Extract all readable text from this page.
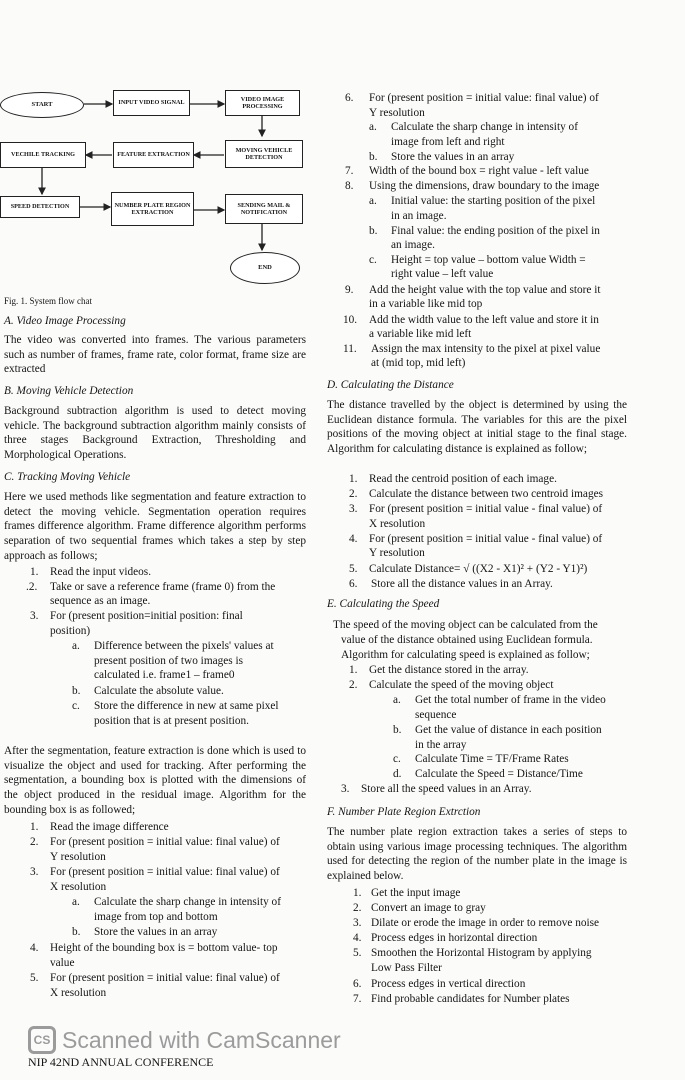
START	INPUT VIDEO SIGNAL
VIDEO IMAGE PROCESSING
VECHILE TRACKING	FEATURE EXTRACTION
MOVING VEHICLE DETECTION
SPEED DETECTION	NUMBER PLATE REGION EXTRACTION
SENDING MAIL & NOTIFICATION
END
Fig. 1. System flow chat

A. Video Image Processing

The video was converted into frames. The various parameters such as number of frames, frame rate, color format, frame size are extracted

B. Moving Vehicle Detection

Background subtraction algorithm is used to detect moving vehicle. The background subtraction algorithm mainly consists of three stages Background Extraction, Thresholding and Morphological Operations.

C. Tracking Moving Vehicle

Here we used methods like segmentation and feature extraction to detect the moving vehicle. Segmentation operation requires frames difference algorithm. Frame difference algorithm performs separation of two sequential frames which takes a step by step approach as follows;

1. Read the input videos.
.2. Take or save a reference frame (frame 0) from the
sequence as an image.
3. For (present position=initial position: final
position)
a. Difference between the pixels' values at
present position of two images is
calculated i.e. frame1 – frame0
b. Calculate the absolute value.
c. Store the difference in new at same pixel
position that is at present position.

After the segmentation, feature extraction is done which is used to visualize the object and used for tracking. After performing the segmentation, a bounding box is plotted with the dimensions of the object produced in the residual image. Algorithm for the bounding box is as followed;

1. Read the image difference
2. For (present position = initial value: final value) of
Y resolution
3. For (present position = initial value: final value) of
X resolution
a. Calculate the sharp change in intensity of
image from top and bottom
b. Store the values in an array
4. Height of the bounding box is = bottom value- top
value
5. For (present position = initial value: final value) of
X resolution
6. For (present position = initial value: final value) of
Y resolution
a. Calculate the sharp change in intensity of
image from left and right
b. Store the values in an array
7. Width of the bound box = right value - left value
8. Using the dimensions, draw boundary to the image
a. Initial value: the starting position of the pixel
in an image.
b. Final value: the ending position of the pixel in
an image.
c. Height = top value – bottom value Width =
right value – left value
9. Add the height value with the top value and store it
in a variable like mid top
10. Add the width value to the left value and store it in
a variable like mid left
11. Assign the max intensity to the pixel at pixel value
at (mid top, mid left)

D. Calculating the Distance

The distance travelled by the object is determined by using the Euclidean distance formula. The variables for this are the pixel positions of the moving object at initial stage to the final stage. Algorithm for calculating distance is explained as follow;

1. Read the centroid position of each image.
2. Calculate the distance between two centroid images
3. For (present position = initial value - final value) of
X resolution
4. For (present position = initial value - final value) of
Y resolution
5. Calculate Distance= √ ((X2 - X1)² + (Y2 - Y1)²)
6. Store all the distance values in an Array.

E. Calculating the Speed

The speed of the moving object can be calculated from the
value of the distance obtained using Euclidean formula.
Algorithm for calculating speed is explained as follow;
1. Get the distance stored in the array.
2. Calculate the speed of the moving object
a. Get the total number of frame in the video
sequence
b. Get the value of distance in each position
in the array
c. Calculate Time = TF/Frame Rates
d. Calculate the Speed = Distance/Time
3. Store all the speed values in an Array.

F. Number Plate Region Extrction

The number plate region extraction takes a series of steps to obtain using various image processing techniques. The algorithm used for detecting the region of the number plate in the image is explained below.

1. Get the input image
2. Convert an image to gray
3. Dilate or erode the image in order to remove noise
4. Process edges in horizontal direction
5. Smoothen the Horizontal Histogram by applying
Low Pass Filter
6. Process edges in vertical direction
7. Find probable candidates for Number plates
CS Scanned with CamScanner
NIP 42ND ANNUAL CONFERENCE
